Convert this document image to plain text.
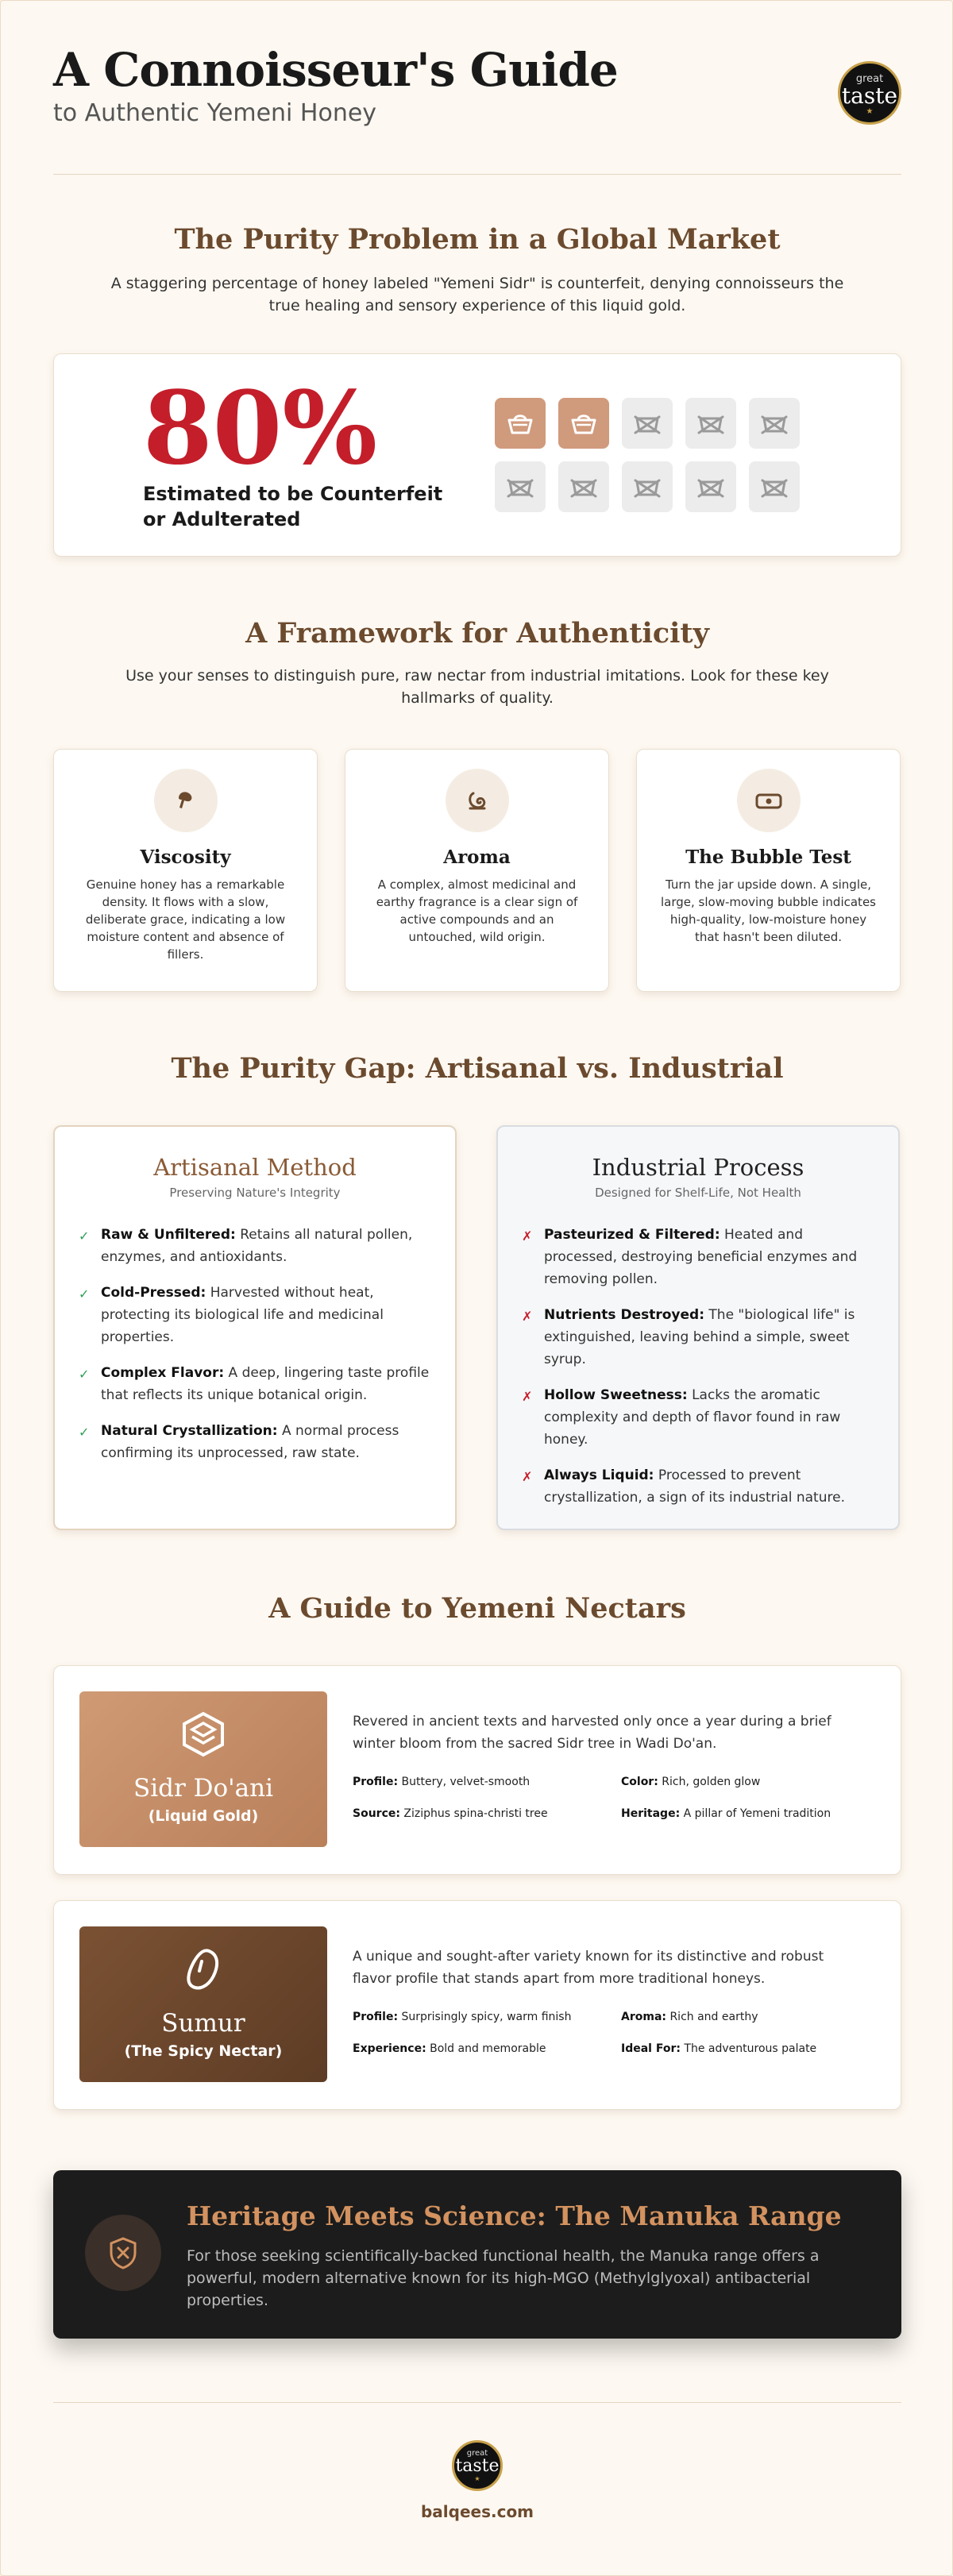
A Connoisseur's Guide
to Authentic Yemeni Honey
great
taste
★
The Purity Problem in a Global Market
A staggering percentage of honey labeled "Yemeni Sidr" is counterfeit, denying connoisseurs the true healing and sensory experience of this liquid gold.
80%
Estimated to be Counterfeit or Adulterated
A Framework for Authenticity
Use your senses to distinguish pure, raw nectar from industrial imitations. Look for these key hallmarks of quality.
Viscosity

Genuine honey has a remarkable density. It flows with a slow, deliberate grace, indicating a low moisture content and absence of fillers.

Aroma

A complex, almost medicinal and earthy fragrance is a clear sign of active compounds and an untouched, wild origin.

The Bubble Test

Turn the jar upside down. A single, large, slow-moving bubble indicates high-quality, low-moisture honey that hasn't been diluted.

The Purity Gap: Artisanal vs. Industrial
Artisanal Method
Preserving Nature's Integrity
✓ Raw & Unfiltered: Retains all natural pollen, enzymes, and antioxidants.
✓ Cold-Pressed: Harvested without heat, protecting its biological life and medicinal properties.
✓ Complex Flavor: A deep, lingering taste profile that reflects its unique botanical origin.
✓ Natural Crystallization: A normal process confirming its unprocessed, raw state.
Industrial Process
Designed for Shelf-Life, Not Health
✗ Pasteurized & Filtered: Heated and processed, destroying beneficial enzymes and removing pollen.
✗ Nutrients Destroyed: The "biological life" is extinguished, leaving behind a simple, sweet syrup.
✗ Hollow Sweetness: Lacks the aromatic complexity and depth of flavor found in raw honey.
✗ Always Liquid: Processed to prevent crystallization, a sign of its industrial nature.
A Guide to Yemeni Nectars
Sidr Do'ani
(Liquid Gold)
Revered in ancient texts and harvested only once a year during a brief winter bloom from the sacred Sidr tree in Wadi Do'an.
Profile: Buttery, velvet-smooth	Color: Rich, golden glow
Source: Ziziphus spina-christi tree	Heritage: A pillar of Yemeni tradition
Sumur
(The Spicy Nectar)
A unique and sought-after variety known for its distinctive and robust flavor profile that stands apart from more traditional honeys.
Profile: Surprisingly spicy, warm finish	Aroma: Rich and earthy
Experience: Bold and memorable	Ideal For: The adventurous palate
Heritage Meets Science: The Manuka Range

For those seeking scientifically-backed functional health, the Manuka range offers a powerful, modern alternative known for its high-MGO (Methylglyoxal) antibacterial properties.

great
taste
★
balqees.com
